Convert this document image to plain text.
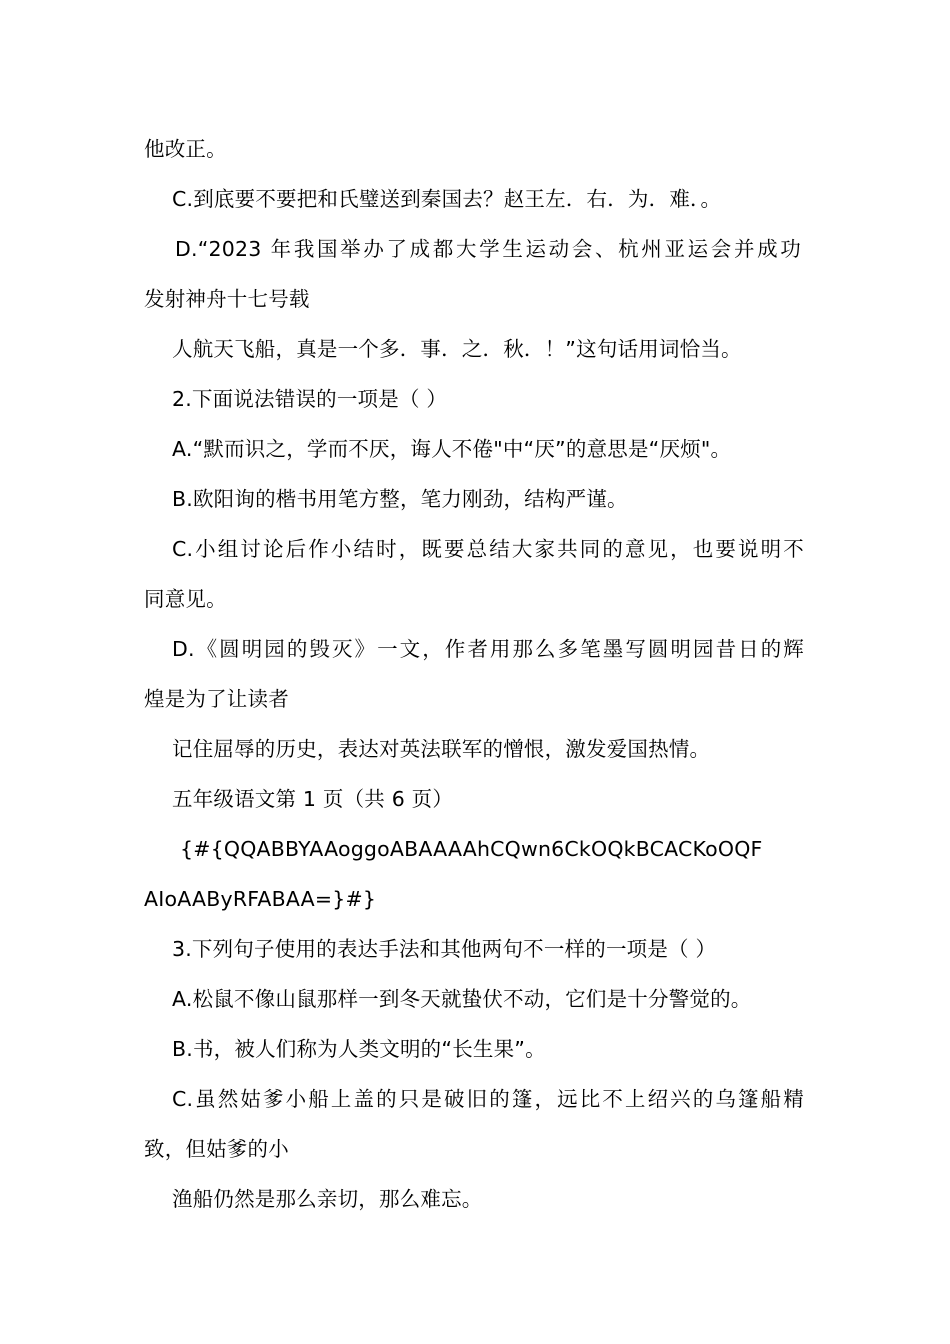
他改正。
C.到底要不要把和氏璧送到秦国去？赵王左．右．为．难．。
D.“2023 年我国举办了成都大学生运动会、杭州亚运会并成功
发射神舟十七号载
人航天飞船，真是一个多．事．之．秋．！”这句话用词恰当。
2.下面说法错误的一项是（ ）
A.“默而识之，学而不厌，诲人不倦"中“厌”的意思是“厌烦"。
B.欧阳询的楷书用笔方整，笔力刚劲，结构严谨。
C.小组讨论后作小结时，既要总结大家共同的意见，也要说明不
同意见。
D.《圆明园的毁灭》一文，作者用那么多笔墨写圆明园昔日的辉
煌是为了让读者
记住屈辱的历史，表达对英法联军的憎恨，激发爱国热情。
五年级语文第 1 页（共 6 页）
{#{QQABBYAAoggoABAAAAhCQwn6CkOQkBCACKoOQF
AIoAAByRFABAA=}#}
3.下列句子使用的表达手法和其他两句不一样的一项是（ ）
A.松鼠不像山鼠那样一到冬天就蛰伏不动，它们是十分警觉的。
B.书，被人们称为人类文明的“长生果”。
C.虽然姑爹小船上盖的只是破旧的篷，远比不上绍兴的乌篷船精
致，但姑爹的小
渔船仍然是那么亲切，那么难忘。
